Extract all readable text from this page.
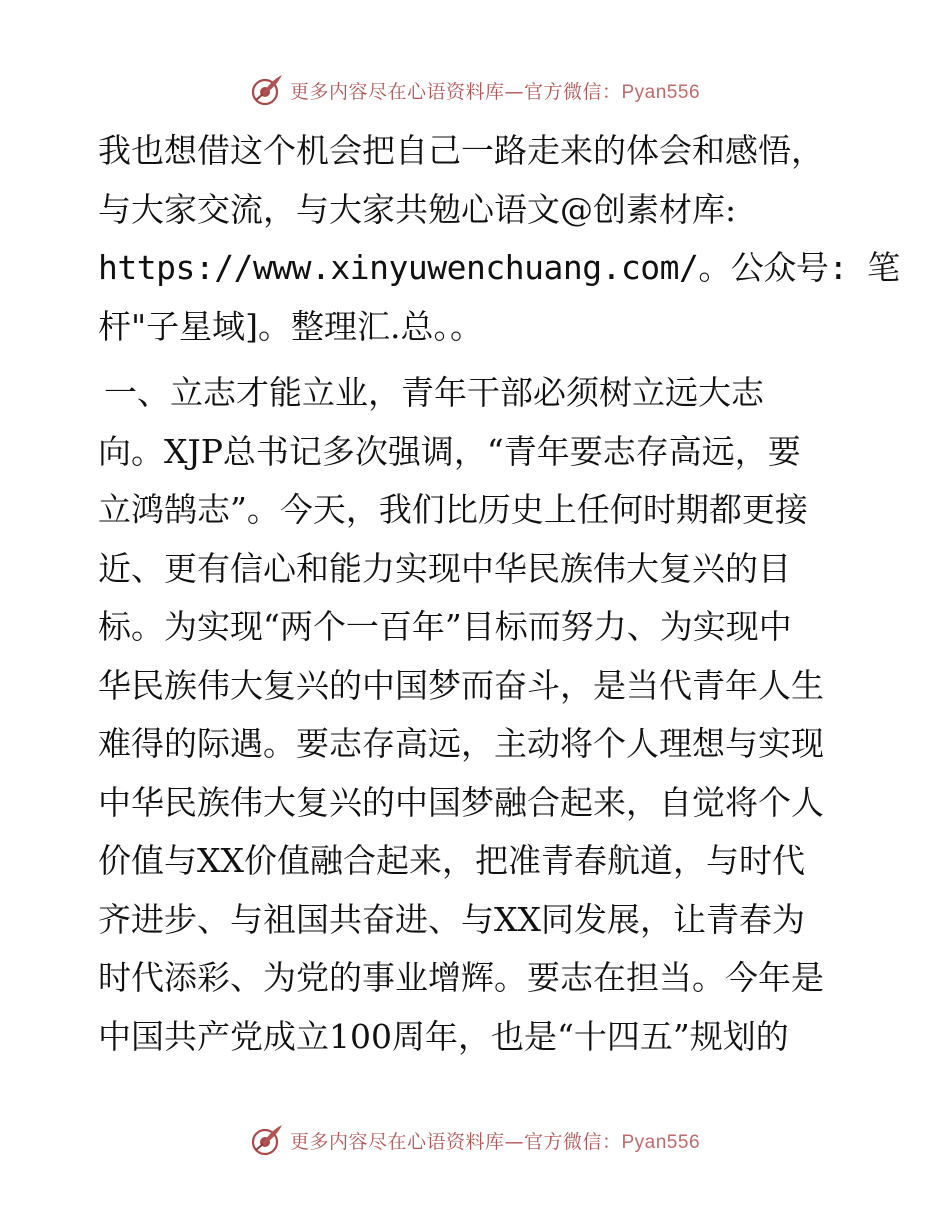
更多内容尽在心语资料库—官方微信：Pyan556
我也想借这个机会把自己一路走来的体会和感悟，
与大家交流，与大家共勉心语文@创素材库:
https://www.xinyuwenchuang.com/。公众号: 笔
杆"子星域]。整理汇.总。。
一、立志才能立业，青年干部必须树立远大志
向。XJP总书记多次强调，“青年要志存高远，要
立鸿鹄志”。今天，我们比历史上任何时期都更接
近、更有信心和能力实现中华民族伟大复兴的目
标。为实现“两个一百年”目标而努力、为实现中
华民族伟大复兴的中国梦而奋斗，是当代青年人生
难得的际遇。要志存高远，主动将个人理想与实现
中华民族伟大复兴的中国梦融合起来，自觉将个人
价值与XX价值融合起来，把准青春航道，与时代
齐进步、与祖国共奋进、与XX同发展，让青春为
时代添彩、为党的事业增辉。要志在担当。今年是
中国共产党成立100周年，也是“十四五”规划的
更多内容尽在心语资料库—官方微信：Pyan556
